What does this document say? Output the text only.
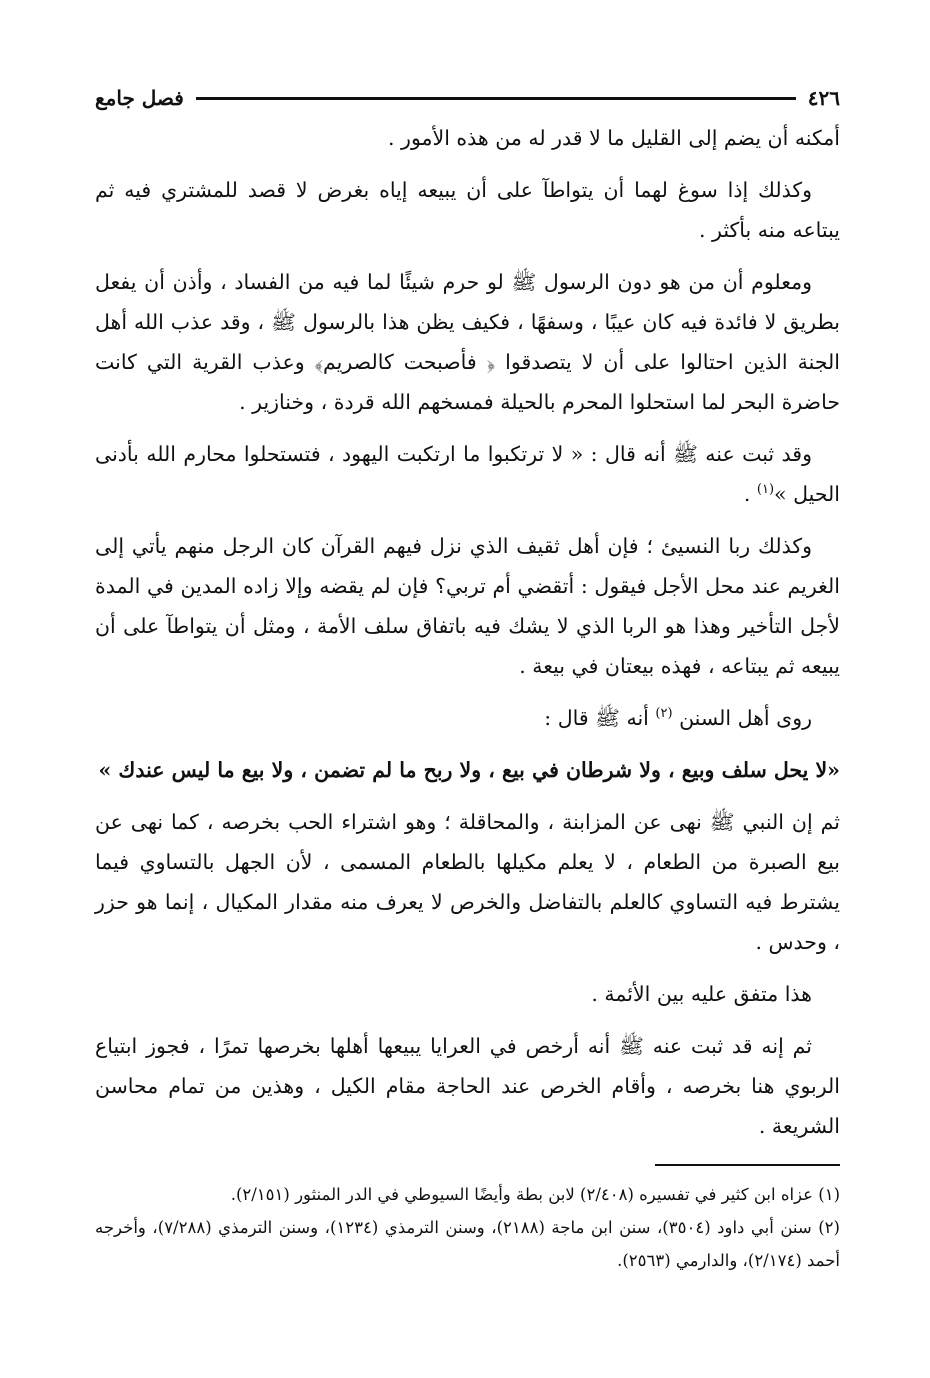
٤٢٦
فصل جامع

أمكنه أن يضم إلى القليل ما لا قدر له من هذه الأمور .

وكذلك إذا سوغ لهما أن يتواطآ على أن يبيعه إياه بغرض لا قصد للمشتري فيه ثم يبتاعه منه بأكثر .

ومعلوم أن من هو دون الرسول ﷺ لو حرم شيئًا لما فيه من الفساد ، وأذن أن يفعل بطريق لا فائدة فيه كان عيبًا ، وسفهًا ، فكيف يظن هذا بالرسول ﷺ ، وقد عذب الله أهل الجنة الذين احتالوا على أن لا يتصدقوا ﴿ فأصبحت كالصريم﴾ وعذب القرية التي كانت حاضرة البحر لما استحلوا المحرم بالحيلة فمسخهم الله قردة ، وخنازير .

وقد ثبت عنه ﷺ أنه قال : « لا ترتكبوا ما ارتكبت اليهود ، فتستحلوا محارم الله بأدنى الحيل »$^{(١)}$ .

وكذلك ربا النسيئ ؛ فإن أهل ثقيف الذي نزل فيهم القرآن كان الرجل منهم يأتي إلى الغريم عند محل الأجل فيقول : أتقضي أم تربي؟ فإن لم يقضه وإلا زاده المدين في المدة لأجل التأخير وهذا هو الربا الذي لا يشك فيه باتفاق سلف الأمة ، ومثل أن يتواطآ على أن يبيعه ثم يبتاعه ، فهذه بيعتان في بيعة .

روى أهل السنن $^{(٢)}$ أنه ﷺ قال :

«لا يحل سلف وبيع ، ولا شرطان في بيع ، ولا ربح ما لم تضمن ، ولا بيع ما ليس عندك »

ثم إن النبي ﷺ نهى عن المزابنة ، والمحاقلة ؛ وهو اشتراء الحب بخرصه ، كما نهى عن بيع الصبرة من الطعام ، لا يعلم مكيلها بالطعام المسمى ، لأن الجهل بالتساوي فيما يشترط فيه التساوي كالعلم بالتفاضل والخرص لا يعرف منه مقدار المكيال ، إنما هو حزر ، وحدس .

هذا متفق عليه بين الأئمة .

ثم إنه قد ثبت عنه ﷺ أنه أرخص في العرايا يبيعها أهلها بخرصها تمرًا ، فجوز ابتياع الربوي هنا بخرصه ، وأقام الخرص عند الحاجة مقام الكيل ، وهذين من تمام محاسن الشريعة .

(١) عزاه ابن كثير في تفسيره (٢/٤٠٨) لابن بطة وأيضًا السيوطي في الدر المنثور (٢/١٥١).

(٢) سنن أبي داود (٣٥٠٤)، سنن ابن ماجة (٢١٨٨)، وسنن الترمذي (١٢٣٤)، وسنن الترمذي (٧/٢٨٨)، وأخرجه أحمد (٢/١٧٤)، والدارمي (٢٥٦٣).
